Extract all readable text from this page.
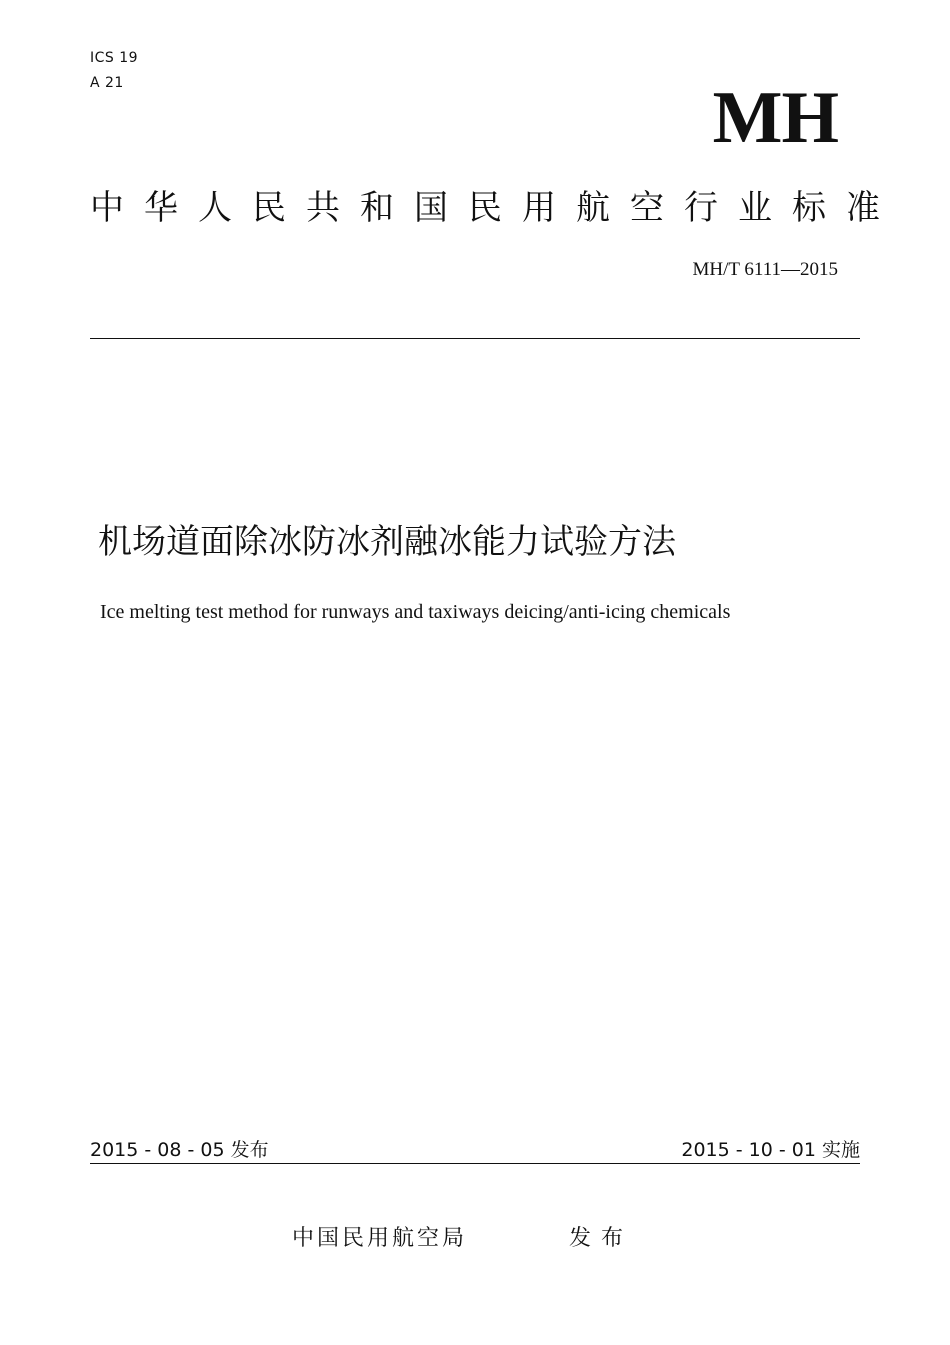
ICS 19
A 21	MH
中华人民共和国民用航空行业标准
MH/T 6111—2015
机场道面除冰防冰剂融冰能力试验方法
Ice melting test method for runways and taxiways deicing/anti-icing chemicals
2015 - 08 - 05 发布	2015 - 10 - 01 实施
中国民用航空局	发布
